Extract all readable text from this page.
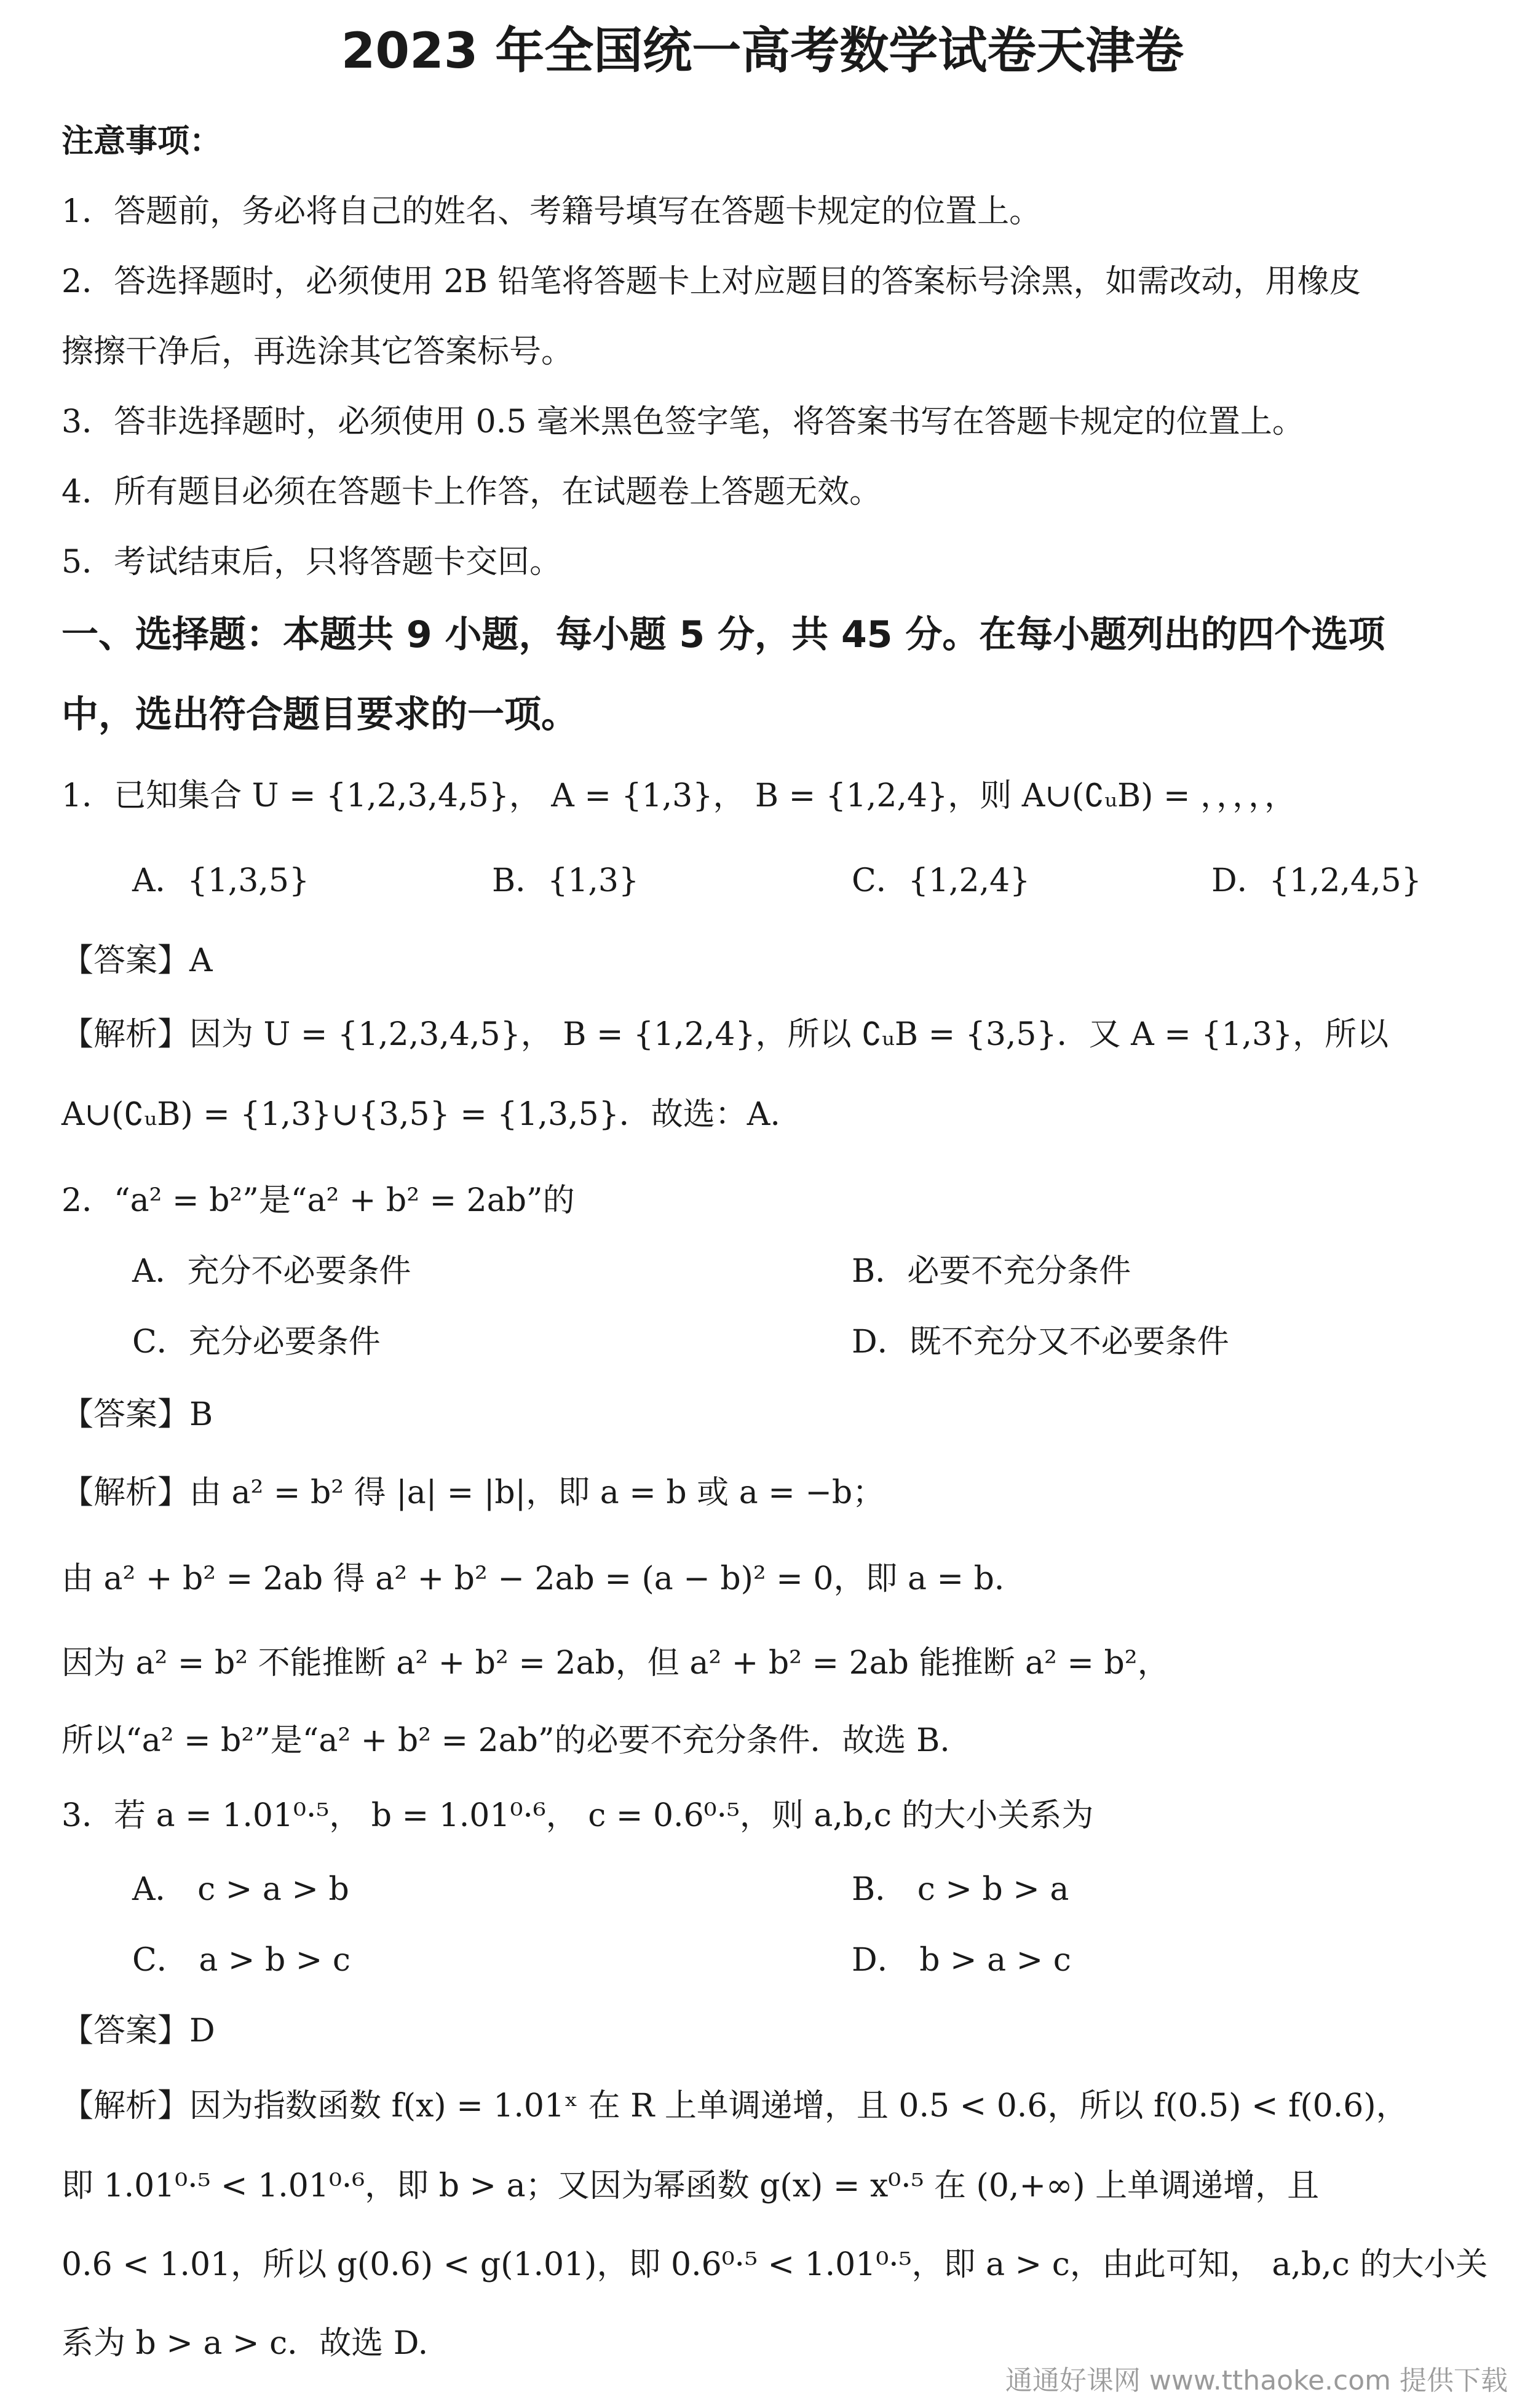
2023 年全国统一高考数学试卷天津卷
注意事项：
1．答题前，务必将自己的姓名、考籍号填写在答题卡规定的位置上。
2．答选择题时，必须使用 2B 铅笔将答题卡上对应题目的答案标号涂黑，如需改动，用橡皮
擦擦干净后，再选涂其它答案标号。
3．答非选择题时，必须使用 0.5 毫米黑色签字笔，将答案书写在答题卡规定的位置上。
4．所有题目必须在答题卡上作答，在试题卷上答题无效。
5．考试结束后，只将答题卡交回。
一、选择题：本题共 9 小题，每小题 5 分，共 45 分。在每小题列出的四个选项
中，选出符合题目要求的一项。
1．已知集合 U = {1,2,3,4,5}， A = {1,3}， B = {1,2,4}，则 A∪(∁ᵤB) = ，，，，，
A．{1,3,5}	B．{1,3}	C．{1,2,4}	D．{1,2,4,5}
【答案】A
【解析】因为 U = {1,2,3,4,5}， B = {1,2,4}，所以 ∁ᵤB = {3,5}．又 A = {1,3}，所以
A∪(∁ᵤB) = {1,3}∪{3,5} = {1,3,5}．故选：A.
2．“a² = b²”是“a² + b² = 2ab”的
A．充分不必要条件	B．必要不充分条件
C．充分必要条件	D．既不充分又不必要条件
【答案】B
【解析】由 a² = b² 得 |a| = |b|，即 a = b 或 a = −b；
由 a² + b² = 2ab 得 a² + b² − 2ab = (a − b)² = 0，即 a = b．
因为 a² = b² 不能推断 a² + b² = 2ab，但 a² + b² = 2ab 能推断 a² = b²，
所以“a² = b²”是“a² + b² = 2ab”的必要不充分条件．故选 B.
3．若 a = 1.01⁰·⁵， b = 1.01⁰·⁶， c = 0.6⁰·⁵，则 a,b,c 的大小关系为
A． c > a > b	B． c > b > a
C． a > b > c	D． b > a > c
【答案】D
【解析】因为指数函数 f(x) = 1.01ˣ 在 R 上单调递增，且 0.5 < 0.6，所以 f(0.5) < f(0.6)，
即 1.01⁰·⁵ < 1.01⁰·⁶，即 b > a；又因为幂函数 g(x) = x⁰·⁵ 在 (0,+∞) 上单调递增，且
0.6 < 1.01，所以 g(0.6) < g(1.01)，即 0.6⁰·⁵ < 1.01⁰·⁵，即 a > c，由此可知， a,b,c 的大小关
系为 b > a > c．故选 D.
通通好课网 www.tthaoke.com 提供下载
